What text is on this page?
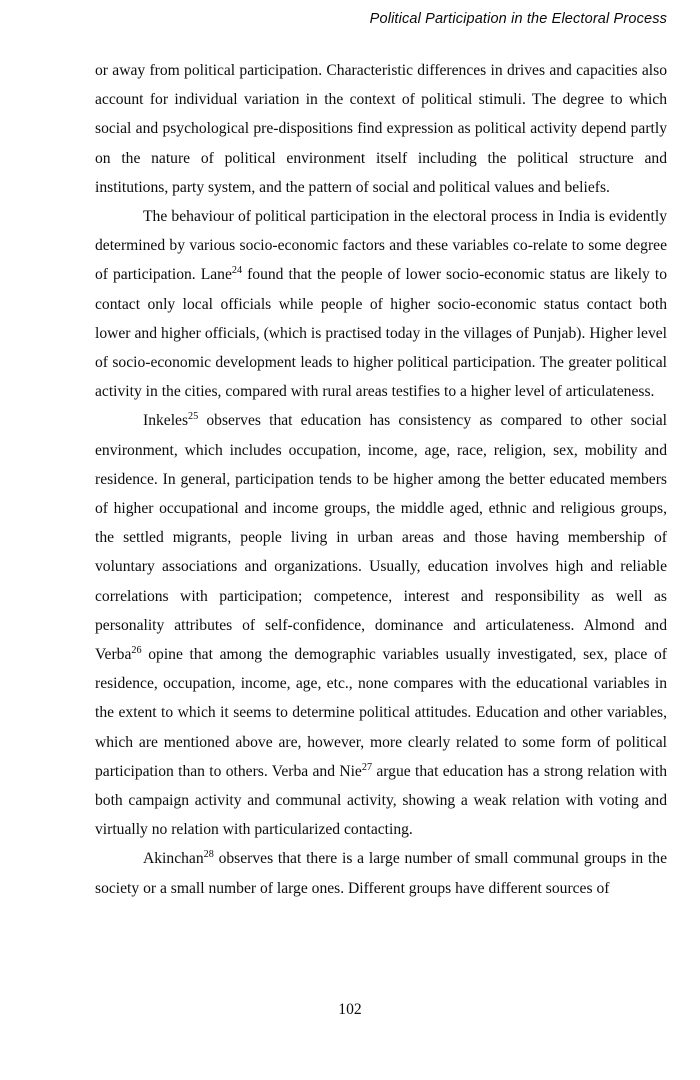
Political Participation in the Electoral Process

or away from political participation. Characteristic differences in drives and capacities also account for individual variation in the context of political stimuli. The degree to which social and psychological pre-dispositions find expression as political activity depend partly on the nature of political environment itself including the political structure and institutions, party system, and the pattern of social and political values and beliefs.

The behaviour of political participation in the electoral process in India is evidently determined by various socio-economic factors and these variables co-relate to some degree of participation. Lane$^{24}$ found that the people of lower socio-economic status are likely to contact only local officials while people of higher socio-economic status contact both lower and higher officials, (which is practised today in the villages of Punjab). Higher level of socio-economic development leads to higher political participation. The greater political activity in the cities, compared with rural areas testifies to a higher level of articulateness.

Inkeles$^{25}$ observes that education has consistency as compared to other social environment, which includes occupation, income, age, race, religion, sex, mobility and residence. In general, participation tends to be higher among the better educated members of higher occupational and income groups, the middle aged, ethnic and religious groups, the settled migrants, people living in urban areas and those having membership of voluntary associations and organizations. Usually, education involves high and reliable correlations with participation; competence, interest and responsibility as well as personality attributes of self-confidence, dominance and articulateness. Almond and Verba$^{26}$ opine that among the demographic variables usually investigated, sex, place of residence, occupation, income, age, etc., none compares with the educational variables in the extent to which it seems to determine political attitudes. Education and other variables, which are mentioned above are, however, more clearly related to some form of political participation than to others. Verba and Nie$^{27}$ argue that education has a strong relation with both campaign activity and communal activity, showing a weak relation with voting and virtually no relation with particularized contacting.

Akinchan$^{28}$ observes that there is a large number of small communal groups in the society or a small number of large ones. Different groups have different sources of

102
